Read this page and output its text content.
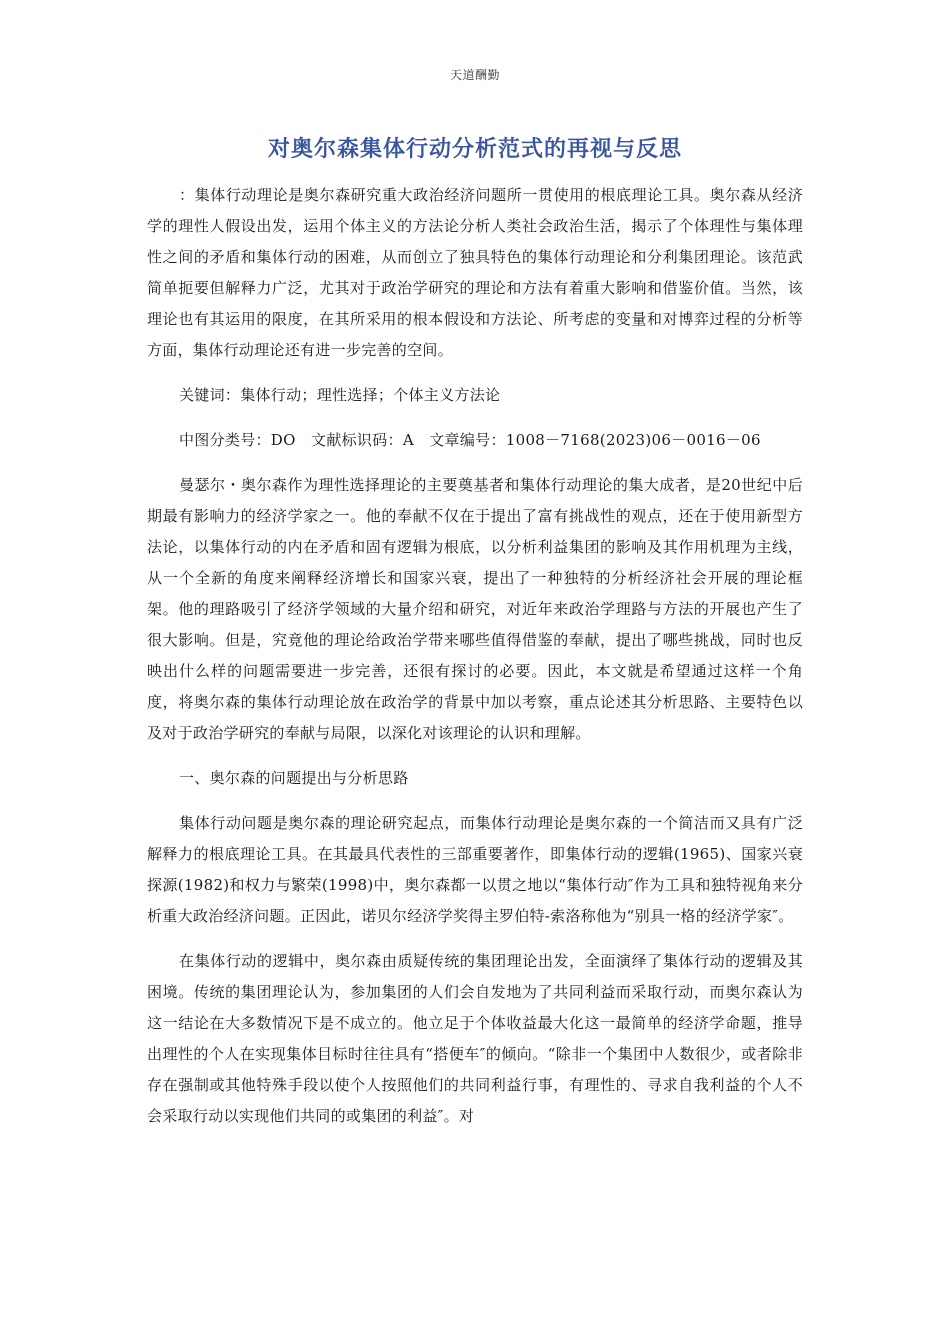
天道酬勤
对奥尔森集体行动分析范式的再视与反思

：集体行动理论是奥尔森研究重大政治经济问题所一贯使用的根底理论工具。奥尔森从经济学的理性人假设出发，运用个体主义的方法论分析人类社会政治生活，揭示了个体理性与集体理性之间的矛盾和集体行动的困难，从而创立了独具特色的集体行动理论和分利集团理论。该范武简单扼要但解释力广泛，尤其对于政治学研究的理论和方法有着重大影响和借鉴价值。当然，该理论也有其运用的限度，在其所采用的根本假设和方法论、所考虑的变量和对博弈过程的分析等方面，集体行动理论还有进一步完善的空间。

关键词：集体行动；理性选择；个体主义方法论

中图分类号：DO　文献标识码：A　文章编号：1008－7168(2023)06－0016－06

曼瑟尔・奥尔森作为理性选择理论的主要奠基者和集体行动理论的集大成者，是20世纪中后期最有影响力的经济学家之一。他的奉献不仅在于提出了富有挑战性的观点，还在于使用新型方法论，以集体行动的内在矛盾和固有逻辑为根底，以分析利益集团的影响及其作用机理为主线，从一个全新的角度来阐释经济增长和国家兴衰，提出了一种独特的分析经济社会开展的理论框架。他的理路吸引了经济学领域的大量介绍和研究，对近年来政治学理路与方法的开展也产生了很大影响。但是，究竟他的理论给政治学带来哪些值得借鉴的奉献，提出了哪些挑战，同时也反映出什么样的问题需要进一步完善，还很有探讨的必要。因此，本文就是希望通过这样一个角度，将奥尔森的集体行动理论放在政治学的背景中加以考察，重点论述其分析思路、主要特色以及对于政治学研究的奉献与局限，以深化对该理论的认识和理解。

一、奥尔森的问题提出与分析思路

集体行动问题是奥尔森的理论研究起点，而集体行动理论是奥尔森的一个简洁而又具有广泛解释力的根底理论工具。在其最具代表性的三部重要著作，即集体行动的逻辑(1965)、国家兴衰探源(1982)和权力与繁荣(1998)中，奥尔森都一以贯之地以“集体行动″作为工具和独特视角来分析重大政治经济问题。正因此，诺贝尔经济学奖得主罗伯特-索洛称他为“别具一格的经济学家″。

在集体行动的逻辑中，奥尔森由质疑传统的集团理论出发，全面演绎了集体行动的逻辑及其困境。传统的集团理论认为，参加集团的人们会自发地为了共同利益而采取行动，而奥尔森认为这一结论在大多数情况下是不成立的。他立足于个体收益最大化这一最简单的经济学命题，推导出理性的个人在实现集体目标时往往具有“搭便车″的倾向。“除非一个集团中人数很少，或者除非存在强制或其他特殊手段以使个人按照他们的共同利益行事，有理性的、寻求自我利益的个人不会采取行动以实现他们共同的或集团的利益″。对
